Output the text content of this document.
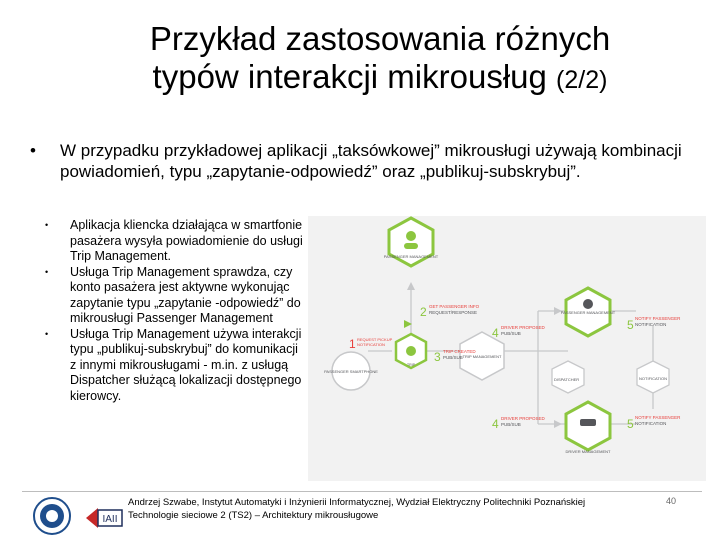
Przykład zastosowania różnych
typów interakcji mikrousług (2/2)
•	W przypadku przykładowej aplikacji „taksówkowej” mikrousługi używają kombinacji powiadomień, typu „zapytanie-odpowiedź” oraz „publikuj-subskrybuj”.
• Aplikacja kliencka działająca w smartfonie pasażera wysyła powiadomienie do usługi Trip Management.
• Usługa Trip Management sprawdza, czy konto pasażera jest aktywne wykonując zapytanie typu „zapytanie -odpowiedź” do mikrousługi Passenger Management
• Usługa Trip Management używa interakcji typu „publikuj-subskrybuj” do komunikacji z innymi mikrousługami - m.in. z usługą Dispatcher służącą lokalizacji dostępnego kierowcy.
PASSENGER MANAGEMENT
PASSENGER SMARTPHONE
1 REQUEST PICKUP
NOTIFICATION
TRIP
2 GET PASSENGER INFO
REQUEST/RESPONSE
TRIP MANAGEMENT
3 TRIP CREATED
PUB/SUB
4 DRIVER PROPOSED
PUB/SUB
DISPATCHER
4 DRIVER PROPOSED
PUB/SUB
PASSENGER MANAGEMENT
DRIVER MANAGEMENT
5 NOTIFY PASSENGER
NOTIFICATION
NOTIFICATION
5 NOTIFY PASSENGER
NOTIFICATION
IAII
Andrzej Szwabe, Instytut Automatyki i Inżynierii Informatycznej, Wydział Elektryczny Politechniki Poznańskiej
Technologie sieciowe 2 (TS2) – Architektury mikrousługowe
40
